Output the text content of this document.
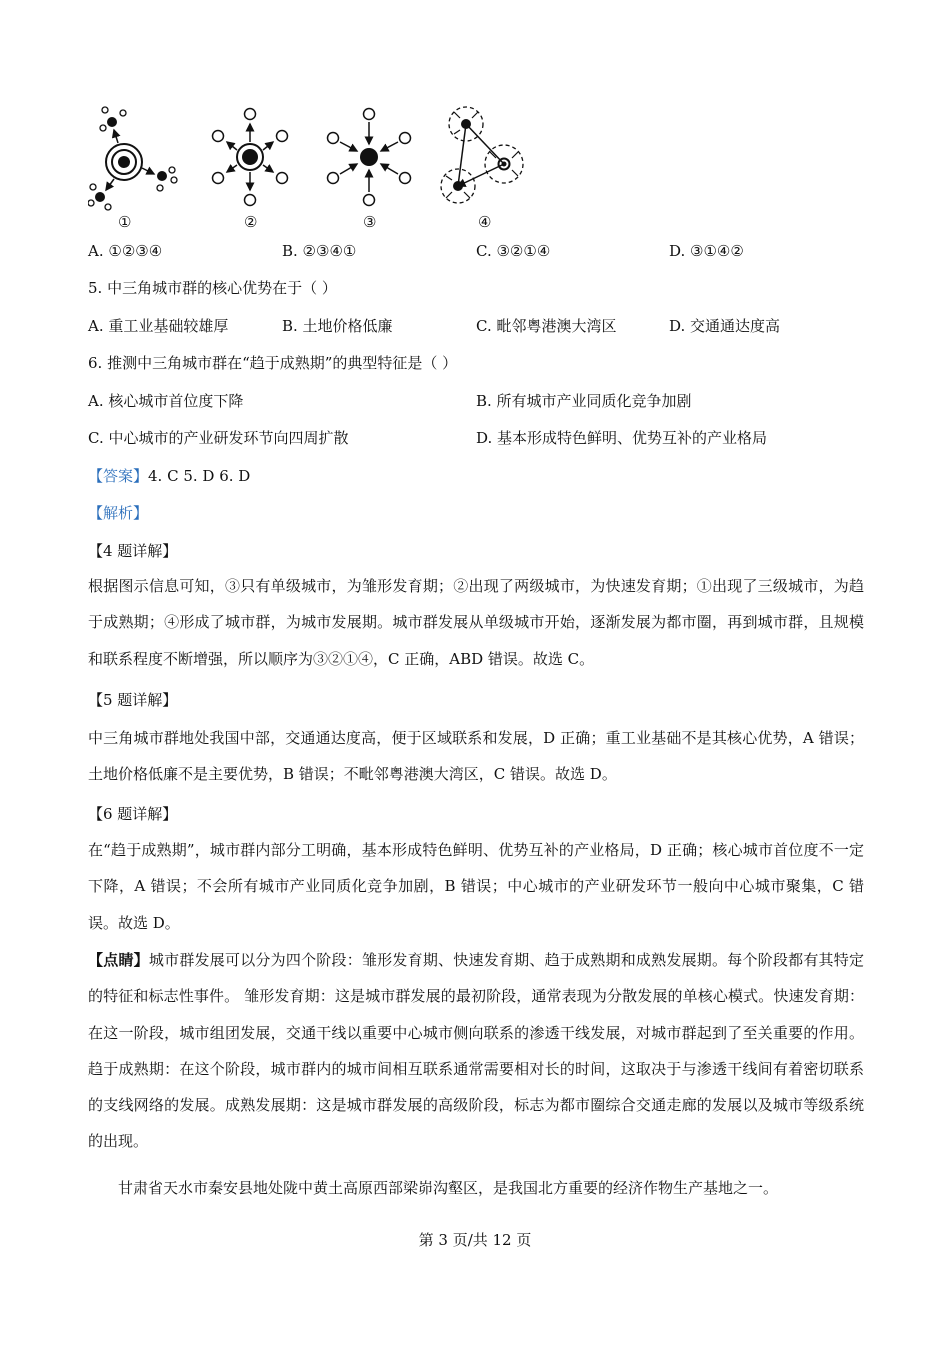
①	②	③	④
A. ①②③④	B. ②③④①	C. ③②①④	D. ③①④②
5. 中三角城市群的核心优势在于（ ）
A. 重工业基础较雄厚	B. 土地价格低廉	C. 毗邻粤港澳大湾区	D. 交通通达度高
6. 推测中三角城市群在“趋于成熟期”的典型特征是（ ）
A. 核心城市首位度下降	B. 所有城市产业同质化竞争加剧
C. 中心城市的产业研发环节向四周扩散	D. 基本形成特色鲜明、优势互补的产业格局
【答案】4. C 5. D 6. D
【解析】
【4 题详解】
根据图示信息可知，③只有单级城市，为雏形发育期；②出现了两级城市，为快速发育期；①出现了三级城市，为趋于成熟期；④形成了城市群，为城市发展期。城市群发展从单级城市开始，逐渐发展为都市圈，再到城市群，且规模和联系程度不断增强，所以顺序为③②①④，C 正确，ABD 错误。故选 C。
【5 题详解】
中三角城市群地处我国中部，交通通达度高，便于区域联系和发展，D 正确；重工业基础不是其核心优势，A 错误；土地价格低廉不是主要优势，B 错误；不毗邻粤港澳大湾区，C 错误。故选 D。
【6 题详解】
在“趋于成熟期”，城市群内部分工明确，基本形成特色鲜明、优势互补的产业格局，D 正确；核心城市首位度不一定下降，A 错误；不会所有城市产业同质化竞争加剧，B 错误；中心城市的产业研发环节一般向中心城市聚集，C 错误。故选 D。
【点睛】城市群发展可以分为四个阶段：雏形发育期、快速发育期、趋于成熟期和成熟发展期。每个阶段都有其特定的特征和标志性事件。 雏形发育期：这是城市群发展的最初阶段，通常表现为分散发展的单核心模式。快速发育期：在这一阶段，城市组团发展，交通干线以重要中心城市侧向联系的渗透干线发展，对城市群起到了至关重要的作用。趋于成熟期：在这个阶段，城市群内的城市间相互联系通常需要相对长的时间，这取决于与渗透干线间有着密切联系的支线网络的发展。成熟发展期：这是城市群发展的高级阶段，标志为都市圈综合交通走廊的发展以及城市等级系统的出现。
甘肃省天水市秦安县地处陇中黄土高原西部梁峁沟壑区，是我国北方重要的经济作物生产基地之一。
第 3 页/共 12 页
